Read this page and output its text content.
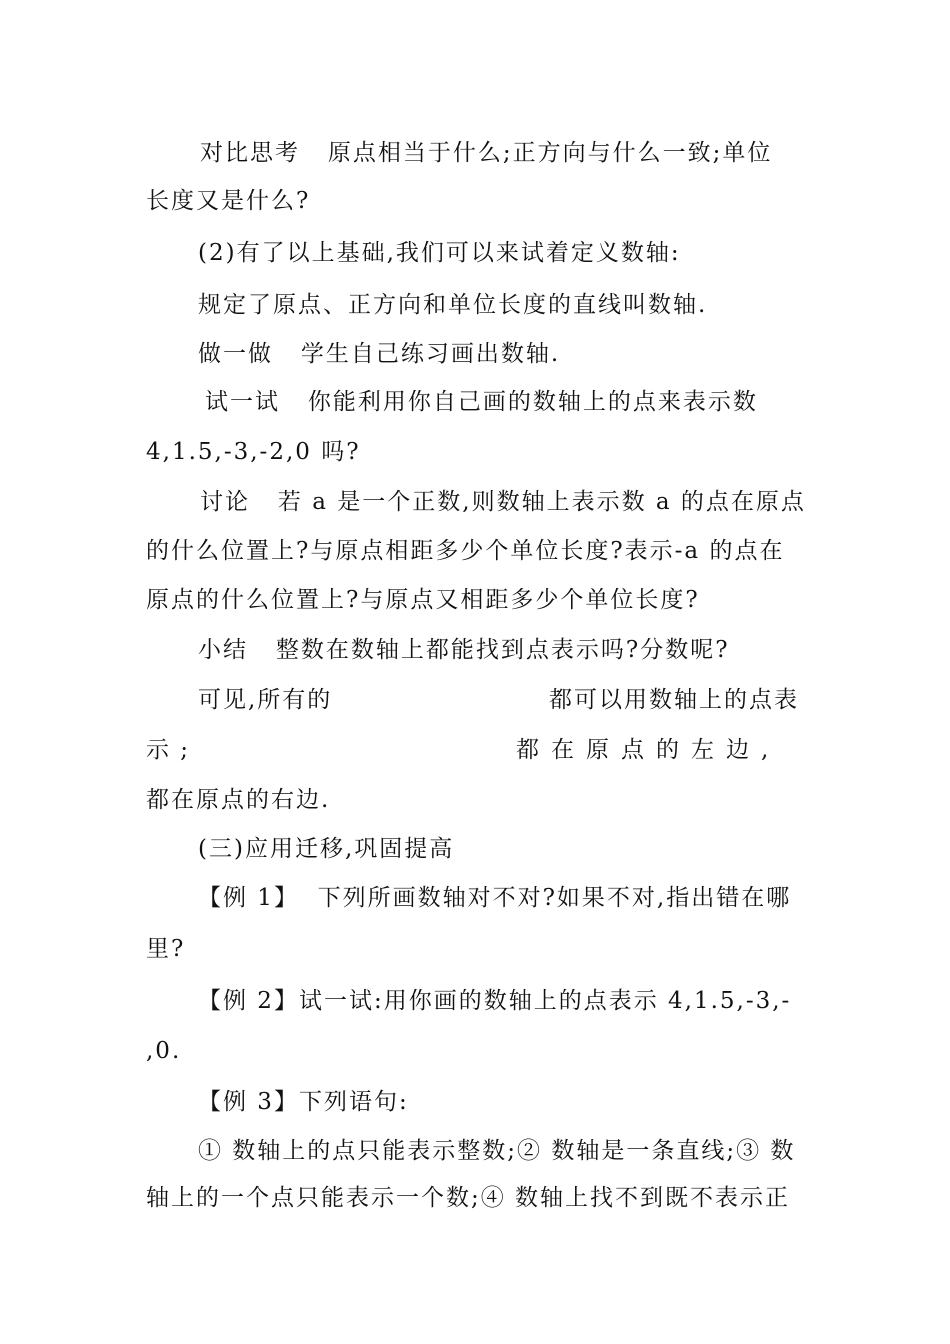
对比思考   原点相当于什么;正方向与什么一致;单位
长度又是什么?
(2)有了以上基础,我们可以来试着定义数轴:
规定了原点、正方向和单位长度的直线叫数轴.
做一做   学生自己练习画出数轴.
试一试   你能利用你自己画的数轴上的点来表示数
4,1.5,-3,-2,0 吗?
讨论   若 a 是一个正数,则数轴上表示数 a 的点在原点
的什么位置上?与原点相距多少个单位长度?表示-a 的点在
原点的什么位置上?与原点又相距多少个单位长度?
小结   整数在数轴上都能找到点表示吗?分数呢?
可见,所有的	都可以用数轴上的点表
示 ;	都在原点的左边,
都在原点的右边.
(三)应用迁移,巩固提高
【例 1】  下列所画数轴对不对?如果不对,指出错在哪
里?
【例 2】试一试:用你画的数轴上的点表示 4,1.5,-3,-
,0.
【例 3】下列语句:
① 数轴上的点只能表示整数;② 数轴是一条直线;③ 数
轴上的一个点只能表示一个数;④ 数轴上找不到既不表示正
